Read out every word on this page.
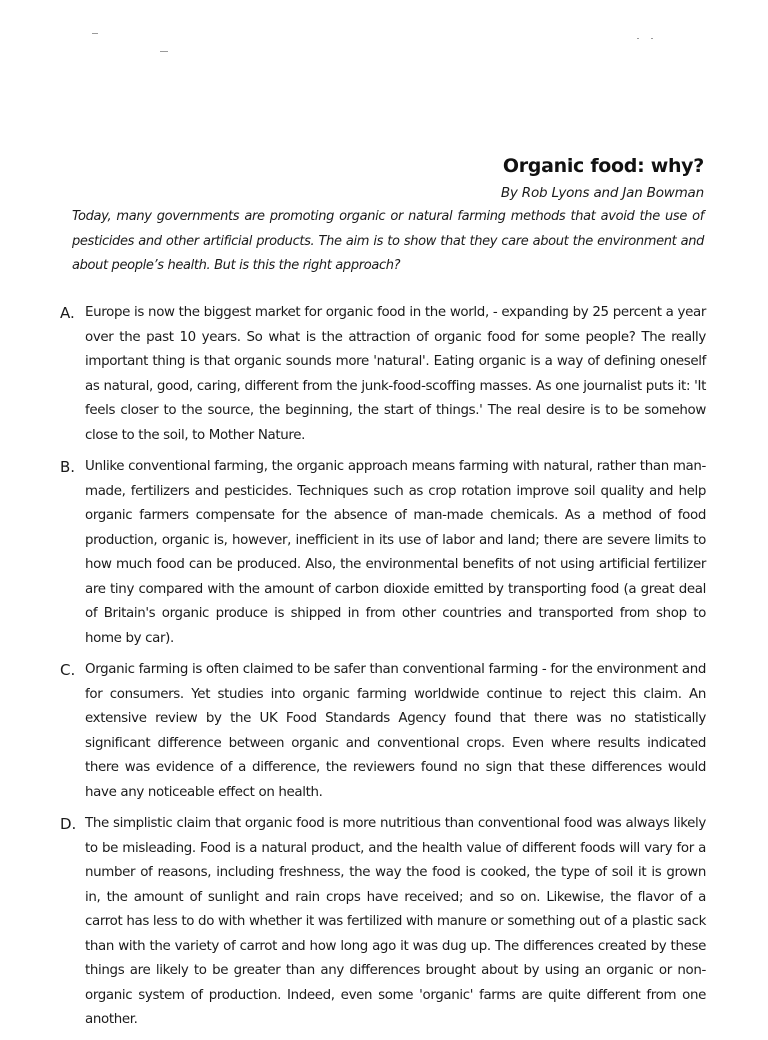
Organic food: why?
By Rob Lyons and Jan Bowman

Today, many governments are promoting organic or natural farming methods that avoid the use of pesticides and other artificial products. The aim is to show that they care about the environment and about people’s health. But is this the right approach?

A. Europe is now the biggest market for organic food in the world, - expanding by 25 percent a year over the past 10 years. So what is the attraction of organic food for some people? The really important thing is that organic sounds more 'natural'. Eating organic is a way of defining oneself as natural, good, caring, different from the junk-food-scoffing masses. As one journalist puts it: 'It feels closer to the source, the beginning, the start of things.' The real desire is to be somehow close to the soil, to Mother Nature.

B. Unlike conventional farming, the organic approach means farming with natural, rather than man-made, fertilizers and pesticides. Techniques such as crop rotation improve soil quality and help organic farmers compensate for the absence of man-made chemicals. As a method of food production, organic is, however, inefficient in its use of labor and land; there are severe limits to how much food can be produced. Also, the environmental benefits of not using artificial fertilizer are tiny compared with the amount of carbon dioxide emitted by transporting food (a great deal of Britain's organic produce is shipped in from other countries and transported from shop to home by car).

C. Organic farming is often claimed to be safer than conventional farming - for the environment and for consumers. Yet studies into organic farming worldwide continue to reject this claim. An extensive review by the UK Food Standards Agency found that there was no statistically significant difference between organic and conventional crops. Even where results indicated there was evidence of a difference, the reviewers found no sign that these differences would have any noticeable effect on health.

D. The simplistic claim that organic food is more nutritious than conventional food was always likely to be misleading. Food is a natural product, and the health value of different foods will vary for a number of reasons, including freshness, the way the food is cooked, the type of soil it is grown in, the amount of sunlight and rain crops have received; and so on. Likewise, the flavor of a carrot has less to do with whether it was fertilized with manure or something out of a plastic sack than with the variety of carrot and how long ago it was dug up. The differences created by these things are likely to be greater than any differences brought about by using an organic or non-organic system of production. Indeed, even some 'organic' farms are quite different from one another.
